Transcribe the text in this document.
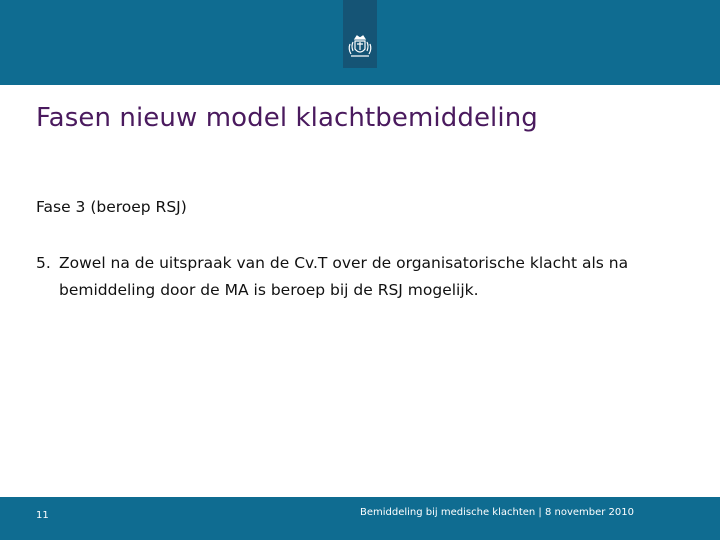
Fasen nieuw model klachtbemiddeling
Fase 3 (beroep RSJ)
5. Zowel na de uitspraak van de Cv.T over de organisatorische klacht als na bemiddeling door de MA is beroep bij de RSJ mogelijk.
11	Bemiddeling bij medische klachten | 8 november 2010
